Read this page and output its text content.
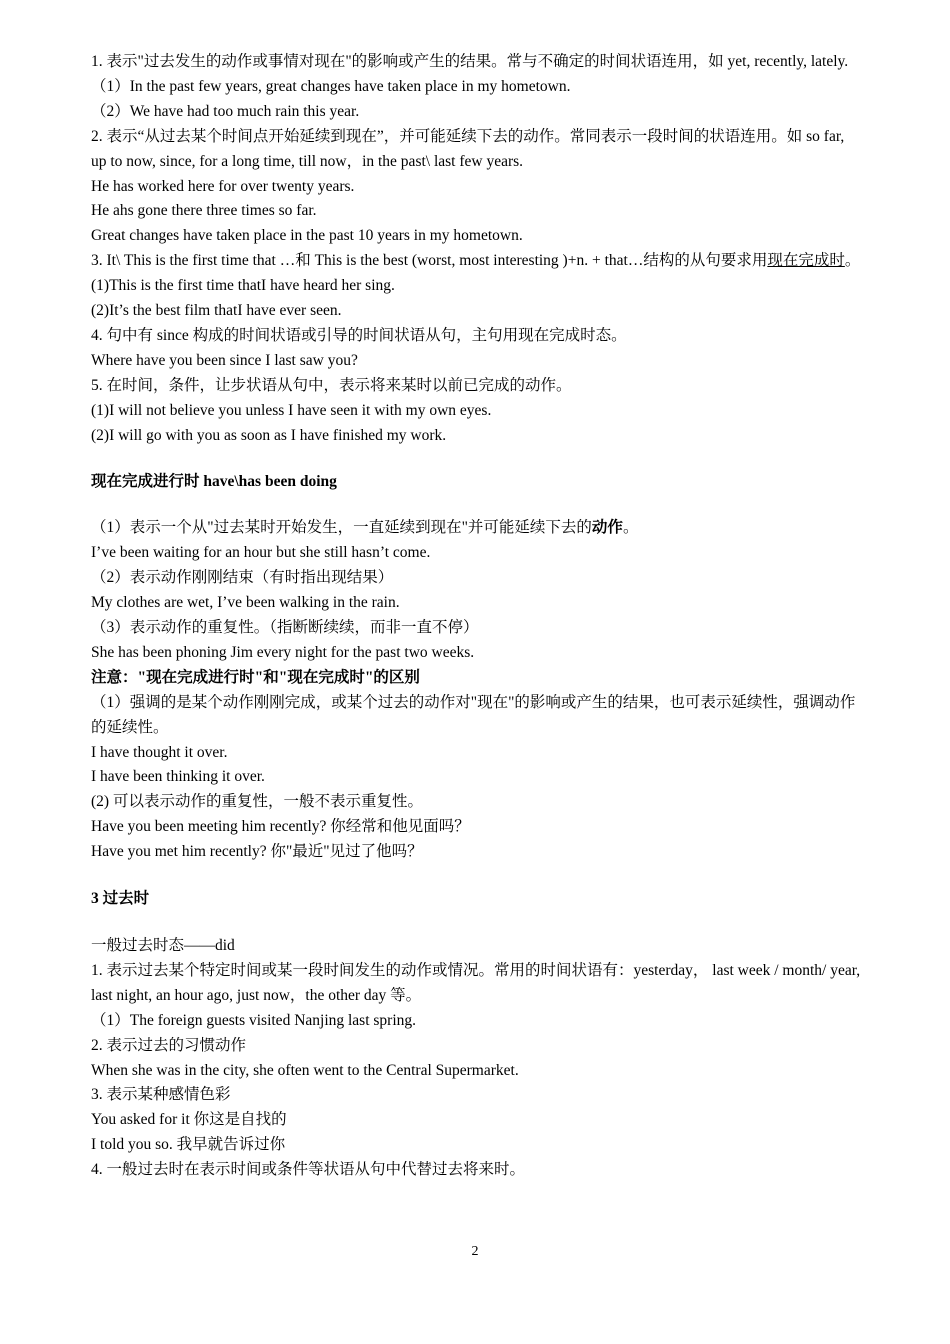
1. 表示"过去发生的动作或事情对现在"的影响或产生的结果。常与不确定的时间状语连用，如 yet, recently, lately.

（1）In the past few years, great changes have taken place in my hometown.

（2）We have had too much rain this year.

2. 表示“从过去某个时间点开始延续到现在”，并可能延续下去的动作。常同表示一段时间的状语连用。如 so far, up to now, since, for a long time, till now，in the past\ last few years.

He has worked here for over twenty years.

He ahs gone there three times so far.

Great changes have taken place in the past 10 years in my hometown.

3. It\ This is the first time that …和 This is the best (worst, most interesting )+n. + that…结构的从句要求用现在完成时。

(1)This is the first time thatI have heard her sing.

(2)It’s the best film thatI have ever seen.

4. 句中有 since 构成的时间状语或引导的时间状语从句，主句用现在完成时态。

Where have you been since I last saw you?

5. 在时间，条件，让步状语从句中，表示将来某时以前已完成的动作。

(1)I will not believe you unless I have seen it with my own eyes.

(2)I will go with you as soon as I have finished my work.

现在完成进行时 have\has been doing

（1）表示一个从"过去某时开始发生，一直延续到现在"并可能延续下去的动作。

I’ve been waiting for an hour but she still hasn’t come.

（2）表示动作刚刚结束（有时指出现结果）

My clothes are wet, I’ve been walking in the rain.

（3）表示动作的重复性。（指断断续续，而非一直不停）

She has been phoning Jim every night for the past two weeks.

注意："现在完成进行时"和"现在完成时"的区别

（1）强调的是某个动作刚刚完成，或某个过去的动作对"现在"的影响或产生的结果，也可表示延续性，强调动作的延续性。

I have thought it over.

I have been thinking it over.

(2) 可以表示动作的重复性，一般不表示重复性。

Have you been meeting him recently? 你经常和他见面吗？

Have you met him recently? 你"最近"见过了他吗？

3 过去时

一般过去时态——did

1. 表示过去某个特定时间或某一段时间发生的动作或情况。常用的时间状语有：yesterday， last week / month/ year, last night, an hour ago, just now，the other day 等。

（1）The foreign guests visited Nanjing last spring.

2. 表示过去的习惯动作

When she was in the city, she often went to the Central Supermarket.

3. 表示某种感情色彩

You asked for it 你这是自找的

I told you so. 我早就告诉过你

4. 一般过去时在表示时间或条件等状语从句中代替过去将来时。

2
